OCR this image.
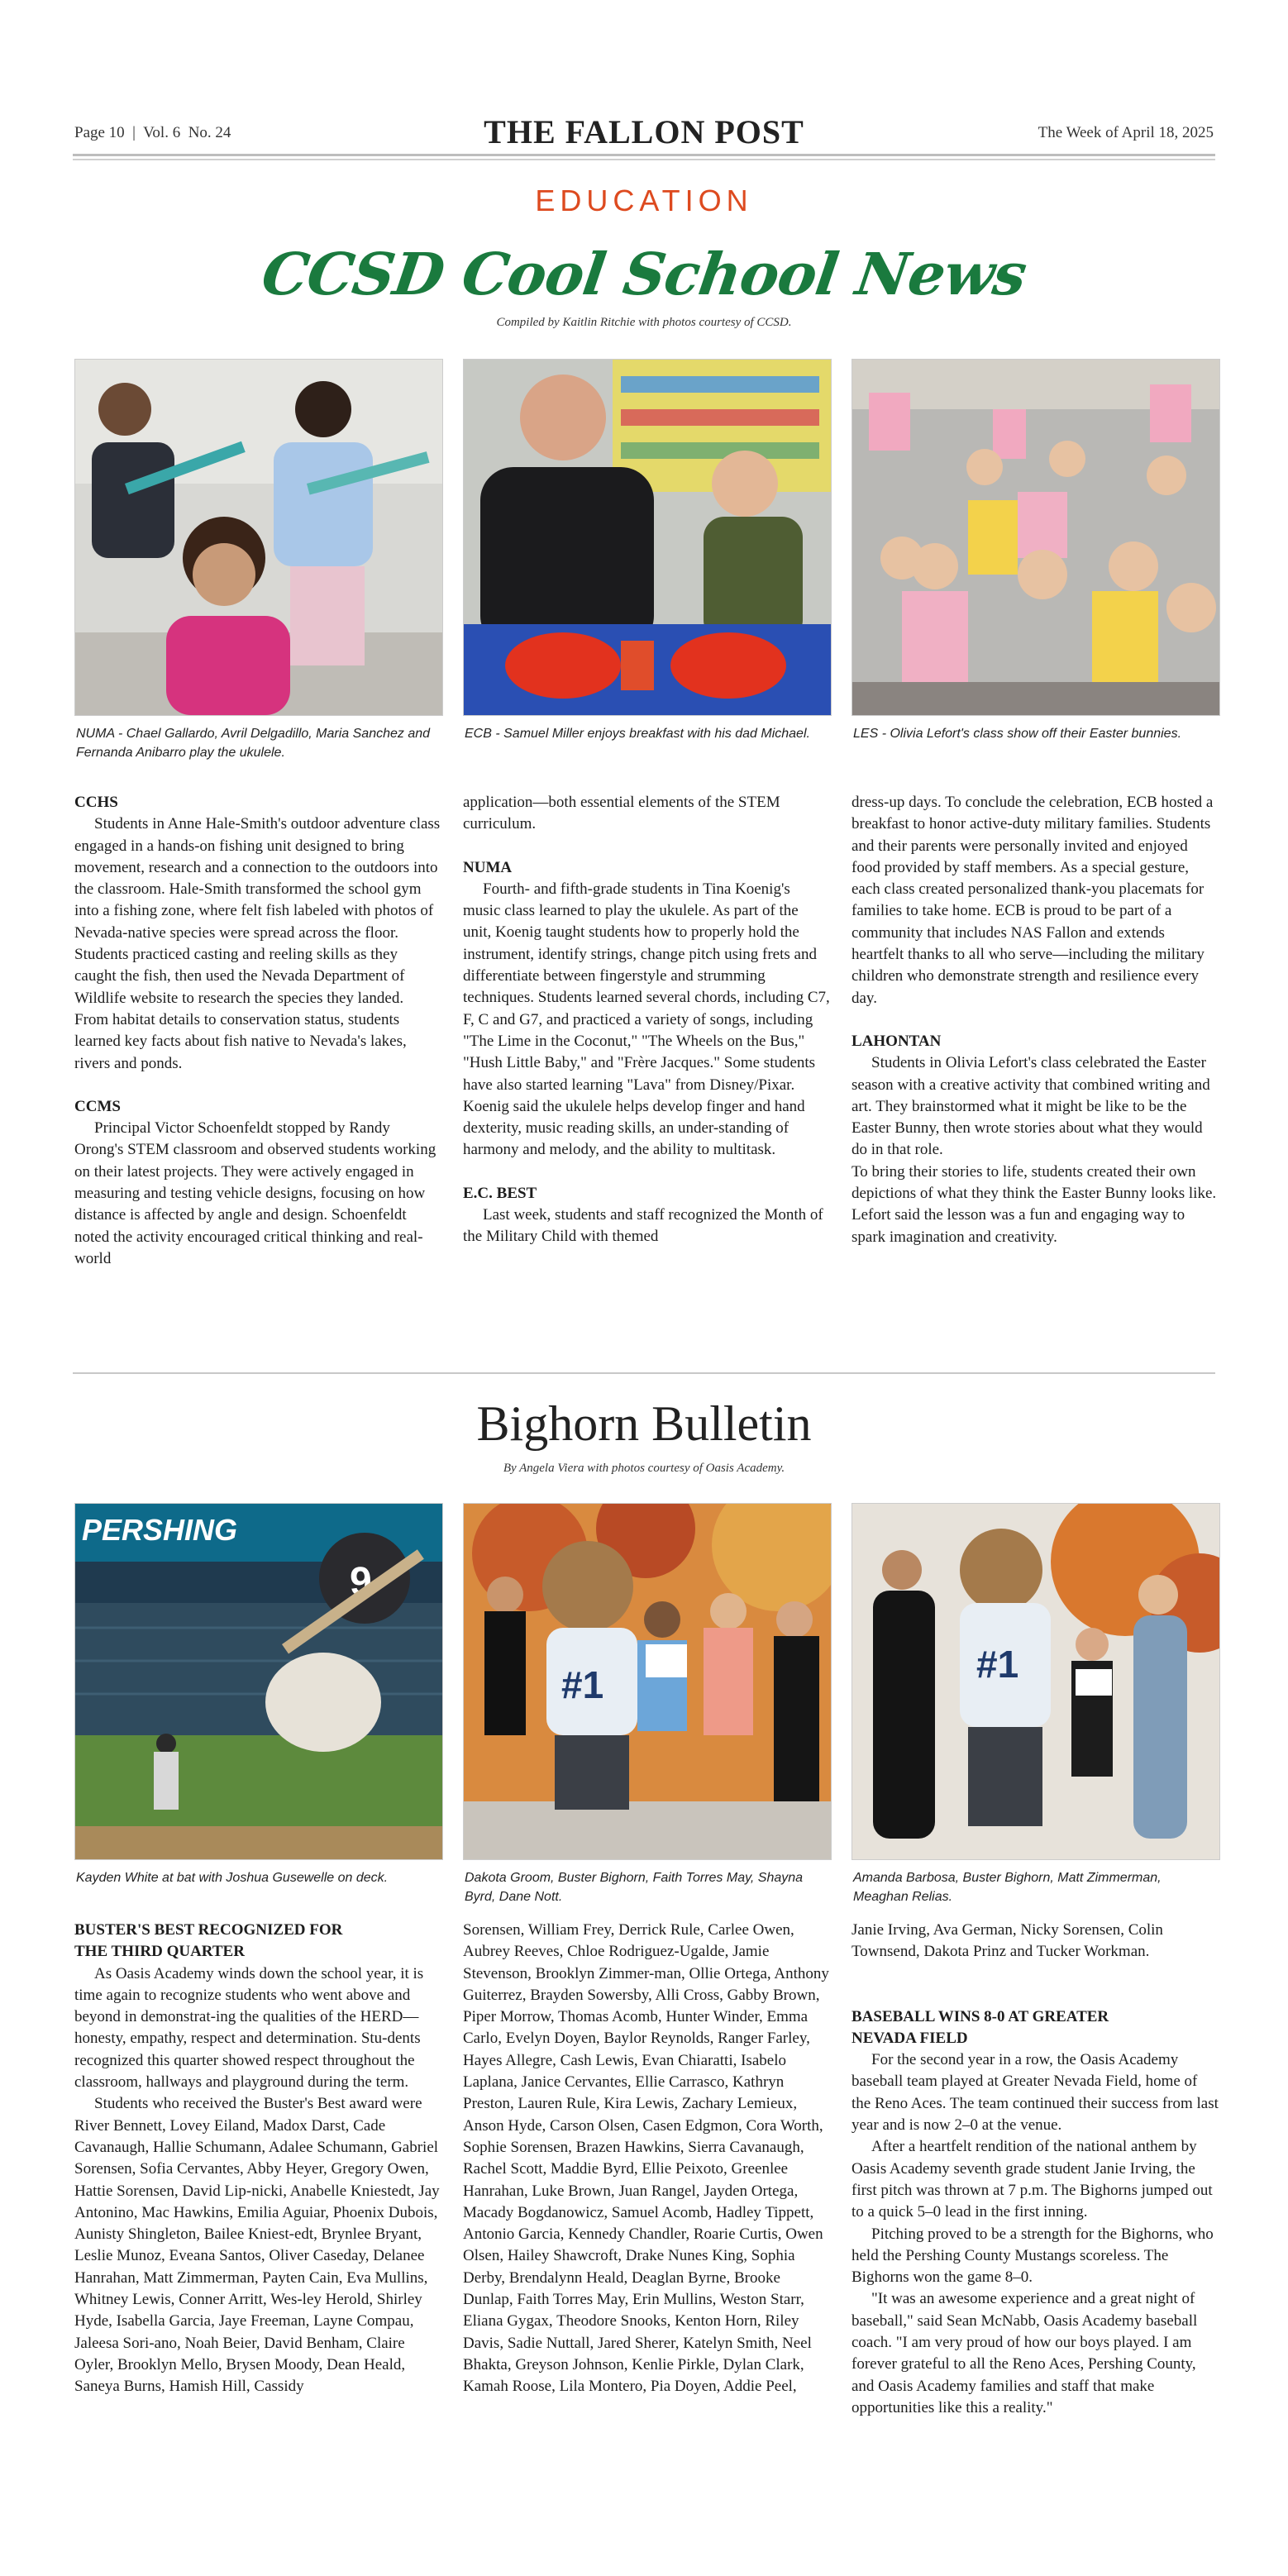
Page 10  |  Vol. 6  No. 24	THE FALLON POST	The Week of April 18, 2025
EDUCATION
CCSD Cool School News
Compiled by Kaitlin Ritchie with photos courtesy of CCSD.
NUMA - Chael Gallardo, Avril Delgadillo, Maria Sanchez and Fernanda Anibarro play the ukulele.
ECB - Samuel Miller enjoys breakfast with his dad Michael.	LES - Olivia Lefort's class show off their Easter bunnies.

CCHS

Students in Anne Hale-Smith's outdoor adventure class engaged in a hands-on fishing unit designed to bring movement, research and a connection to the outdoors into the classroom. Hale-Smith transformed the school gym into a fishing zone, where felt fish labeled with photos of Nevada-native species were spread across the floor. Students practiced casting and reeling skills as they caught the fish, then used the Nevada Department of Wildlife website to research the species they landed.

From habitat details to conservation status, students learned key facts about fish native to Nevada's lakes, rivers and ponds.

CCMS

Principal Victor Schoenfeldt stopped by Randy Orong's STEM classroom and observed students working on their latest projects. They were actively engaged in measuring and testing vehicle designs, focusing on how distance is affected by angle and design. Schoenfeldt noted the activity encouraged critical thinking and real-world

application—both essential elements of the STEM curriculum.

NUMA

Fourth- and fifth-grade students in Tina Koenig's music class learned to play the ukulele. As part of the unit, Koenig taught students how to properly hold the instrument, identify strings, change pitch using frets and differentiate between fingerstyle and strumming techniques. Students learned several chords, including C7, F, C and G7, and practiced a variety of songs, including "The Lime in the Coconut," "The Wheels on the Bus," "Hush Little Baby," and "Frère Jacques." Some students have also started learning "Lava" from Disney/Pixar. Koenig said the ukulele helps develop finger and hand dexterity, music reading skills, an under-standing of harmony and melody, and the ability to multitask.

E.C. BEST

Last week, students and staff recognized the Month of the Military Child with themed

dress-up days. To conclude the celebration, ECB hosted a breakfast to honor active-duty military families. Students and their parents were personally invited and enjoyed food provided by staff members. As a special gesture, each class created personalized thank-you placemats for families to take home. ECB is proud to be part of a community that includes NAS Fallon and extends heartfelt thanks to all who serve—including the military children who demonstrate strength and resilience every day.

LAHONTAN

Students in Olivia Lefort's class celebrated the Easter season with a creative activity that combined writing and art. They brainstormed what it might be like to be the Easter Bunny, then wrote stories about what they would do in that role.

To bring their stories to life, students created their own depictions of what they think the Easter Bunny looks like. Lefort said the lesson was a fun and engaging way to spark imagination and creativity.

Bighorn Bulletin
By Angela Viera with photos courtesy of Oasis Academy.
PERSHING
9
#1	#1
Kayden White at bat with Joshua Gusewelle on deck.	Dakota Groom, Buster Bighorn, Faith Torres May, Shayna Byrd, Dane Nott.
Amanda Barbosa, Buster Bighorn, Matt Zimmerman, Meaghan Relias.

BUSTER'S BEST RECOGNIZED FOR THE THIRD QUARTER

As Oasis Academy winds down the school year, it is time again to recognize students who went above and beyond in demonstrat-ing the qualities of the HERD—honesty, empathy, respect and determination. Stu-dents recognized this quarter showed respect throughout the classroom, hallways and playground during the term.

Students who received the Buster's Best award were River Bennett, Lovey Eiland, Madox Darst, Cade Cavanaugh, Hallie Schumann, Adalee Schumann, Gabriel Sorensen, Sofia Cervantes, Abby Heyer, Gregory Owen, Hattie Sorensen, David Lip-nicki, Anabelle Kniestedt, Jay Antonino, Mac Hawkins, Emilia Aguiar, Phoenix Dubois, Aunisty Shingleton, Bailee Kniest-edt, Brynlee Bryant, Leslie Munoz, Eveana Santos, Oliver Caseday, Delanee Hanrahan, Matt Zimmerman, Payten Cain, Eva Mullins, Whitney Lewis, Conner Arritt, Wes-ley Herold, Shirley Hyde, Isabella Garcia, Jaye Freeman, Layne Compau, Jaleesa Sori-ano, Noah Beier, David Benham, Claire Oyler, Brooklyn Mello, Brysen Moody, Dean Heald, Saneya Burns, Hamish Hill, Cassidy

Sorensen, William Frey, Derrick Rule, Carlee Owen, Aubrey Reeves, Chloe Rodriguez-Ugalde, Jamie Stevenson, Brooklyn Zimmer-man, Ollie Ortega, Anthony Guiterrez, Brayden Sowersby, Alli Cross, Gabby Brown, Piper Morrow, Thomas Acomb, Hunter Winder, Emma Carlo, Evelyn Doyen, Baylor Reynolds, Ranger Farley, Hayes Allegre, Cash Lewis, Evan Chiaratti, Isabelo Laplana, Janice Cervantes, Ellie Carrasco, Kathryn Preston, Lauren Rule, Kira Lewis, Zachary Lemieux, Anson Hyde, Carson Olsen, Casen Edgmon, Cora Worth, Sophie Sorensen, Brazen Hawkins, Sierra Cavanaugh, Rachel Scott, Maddie Byrd, Ellie Peixoto, Greenlee Hanrahan, Luke Brown, Juan Rangel, Jayden Ortega, Macady Bogdanowicz, Samuel Acomb, Hadley Tippett, Antonio Garcia, Kennedy Chandler, Roarie Curtis, Owen Olsen, Hailey Shawcroft, Drake Nunes King, Sophia Derby, Brendalynn Heald, Deaglan Byrne, Brooke Dunlap, Faith Torres May, Erin Mullins, Weston Starr, Eliana Gygax, Theodore Snooks, Kenton Horn, Riley Davis, Sadie Nuttall, Jared Sherer, Katelyn Smith, Neel Bhakta, Greyson Johnson, Kenlie Pirkle, Dylan Clark, Kamah Roose, Lila Montero, Pia Doyen, Addie Peel,

Janie Irving, Ava German, Nicky Sorensen, Colin Townsend, Dakota Prinz and Tucker Workman.

BASEBALL WINS 8-0 AT GREATER NEVADA FIELD

For the second year in a row, the Oasis Academy baseball team played at Greater Nevada Field, home of the Reno Aces. The team continued their success from last year and is now 2–0 at the venue.

After a heartfelt rendition of the national anthem by Oasis Academy seventh grade student Janie Irving, the first pitch was thrown at 7 p.m. The Bighorns jumped out to a quick 5–0 lead in the first inning.

Pitching proved to be a strength for the Bighorns, who held the Pershing County Mustangs scoreless. The Bighorns won the game 8–0.

"It was an awesome experience and a great night of baseball," said Sean McNabb, Oasis Academy baseball coach. "I am very proud of how our boys played. I am forever grateful to all the Reno Aces, Pershing County, and Oasis Academy families and staff that make opportunities like this a reality."
